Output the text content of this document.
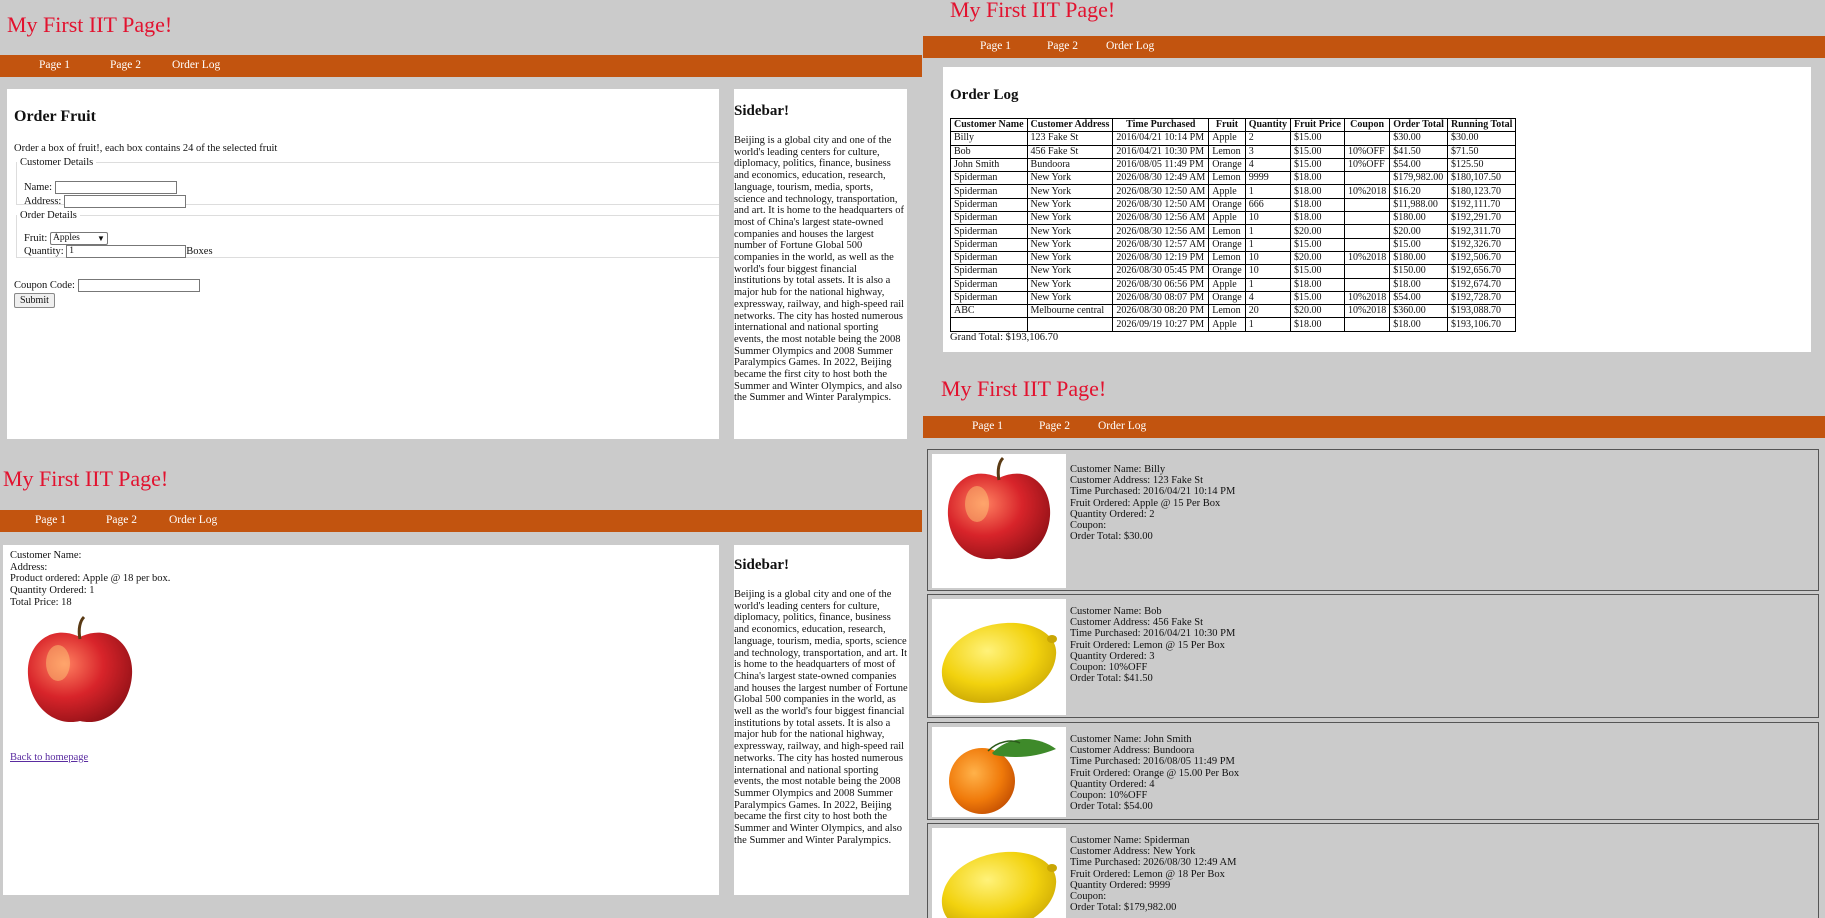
My First IIT Page!
Page 1	Page 2	Order Log
Order Fruit
Order a box of fruit!, each box contains 24 of the selected fruit
Customer Details
Name:
Address:
Order Details
Fruit: Apples ▼
Quantity: 1	Boxes
Coupon Code:
Submit
Sidebar!
Beijing is a global city and one of the world's leading centers for culture, diplomacy, politics, finance, business and economics, education, research, language, tourism, media, sports, science and technology, transportation, and art. It is home to the headquarters of most of China's largest state-owned companies and houses the largest number of Fortune Global 500 companies in the world, as well as the world's four biggest financial institutions by total assets. It is also a major hub for the national highway, expressway, railway, and high-speed rail networks. The city has hosted numerous international and national sporting events, the most notable being the 2008 Summer Olympics and 2008 Summer Paralympics Games. In 2022, Beijing became the first city to host both the Summer and Winter Olympics, and also the Summer and Winter Paralympics.
My First IIT Page!
Page 1	Page 2	Order Log
Customer Name:
Address:
Product ordered: Apple @ 18 per box.
Quantity Ordered: 1
Total Price: 18
Back to homepage
Sidebar!
Beijing is a global city and one of the world's leading centers for culture, diplomacy, politics, finance, business and economics, education, research, language, tourism, media, sports, science and technology, transportation, and art. It is home to the headquarters of most of China's largest state-owned companies and houses the largest number of Fortune Global 500 companies in the world, as well as the world's four biggest financial institutions by total assets. It is also a major hub for the national highway, expressway, railway, and high-speed rail networks. The city has hosted numerous international and national sporting events, the most notable being the 2008 Summer Olympics and 2008 Summer Paralympics Games. In 2022, Beijing became the first city to host both the Summer and Winter Olympics, and also the Summer and Winter Paralympics.
My First IIT Page!
Page 1	Page 2 Order Log
Order Log
Customer Name	Customer Address	Time Purchased	Fruit	Quantity	Fruit Price	Coupon	Order Total	Running Total
Billy	123 Fake St	2016/04/21 10:14 PM	Apple	2	$15.00		$30.00	$30.00
Bob	456 Fake St	2016/04/21 10:30 PM	Lemon	3	$15.00	10%OFF	$41.50	$71.50
John Smith	Bundoora	2016/08/05 11:49 PM	Orange	4	$15.00	10%OFF	$54.00	$125.50
Spiderman	New York	2026/08/30 12:49 AM	Lemon	9999	$18.00		$179,982.00	$180,107.50
Spiderman	New York	2026/08/30 12:50 AM	Apple	1	$18.00	10%2018	$16.20	$180,123.70
Spiderman	New York	2026/08/30 12:50 AM	Orange	666	$18.00		$11,988.00	$192,111.70
Spiderman	New York	2026/08/30 12:56 AM	Apple	10	$18.00		$180.00	$192,291.70
Spiderman	New York	2026/08/30 12:56 AM	Lemon	1	$20.00		$20.00	$192,311.70
Spiderman	New York	2026/08/30 12:57 AM	Orange	1	$15.00		$15.00	$192,326.70
Spiderman	New York	2026/08/30 12:19 PM	Lemon	10	$20.00	10%2018	$180.00	$192,506.70
Spiderman	New York	2026/08/30 05:45 PM	Orange	10	$15.00		$150.00	$192,656.70
Spiderman	New York	2026/08/30 06:56 PM	Apple	1	$18.00		$18.00	$192,674.70
Spiderman	New York	2026/08/30 08:07 PM	Orange	4	$15.00	10%2018	$54.00	$192,728.70
ABC	Melbourne central	2026/08/30 08:20 PM	Lemon	20	$20.00	10%2018	$360.00	$193,088.70
		2026/09/19 10:27 PM	Apple	1	$18.00		$18.00	$193,106.70
Grand Total: $193,106.70
My First IIT Page!
Page 1	Page 2 Order Log
Customer Name: Billy
Customer Address: 123 Fake St
Time Purchased: 2016/04/21 10:14 PM
Fruit Ordered: Apple @ 15 Per Box
Quantity Ordered: 2
Coupon:
Order Total: $30.00
Customer Name: Bob
Customer Address: 456 Fake St
Time Purchased: 2016/04/21 10:30 PM
Fruit Ordered: Lemon @ 15 Per Box
Quantity Ordered: 3
Coupon: 10%OFF
Order Total: $41.50
Customer Name: John Smith
Customer Address: Bundoora
Time Purchased: 2016/08/05 11:49 PM
Fruit Ordered: Orange @ 15.00 Per Box
Quantity Ordered: 4
Coupon: 10%OFF
Order Total: $54.00
Customer Name: Spiderman
Customer Address: New York
Time Purchased: 2026/08/30 12:49 AM
Fruit Ordered: Lemon @ 18 Per Box
Quantity Ordered: 9999
Coupon:
Order Total: $179,982.00
